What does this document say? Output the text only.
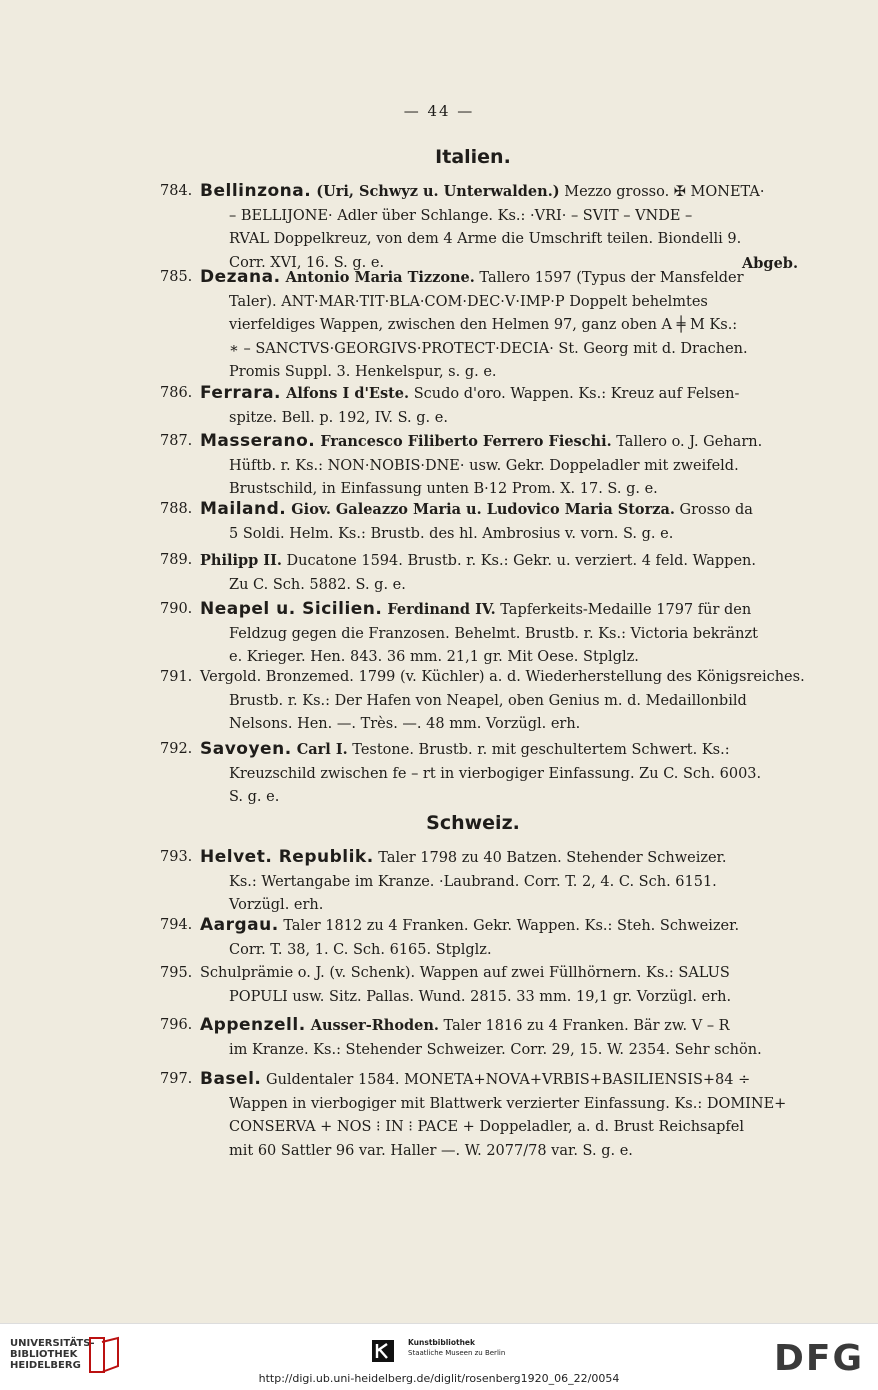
— 44 —
Italien.
Schweiz.
784. Bellinzona. (Uri, Schwyz u. Unterwalden.) Mezzo grosso. ✠ MONETA·
– BELLIJONE· Adler über Schlange. Ks.: ·VRI· – SVIT – VNDE –
RVAL Doppelkreuz, von dem 4 Arme die Umschrift teilen. Biondelli 9.
Corr. XVI, 16. S. g. e.	Abgeb.
785. Dezana. Antonio Maria Tizzone. Tallero 1597 (Typus der Mansfelder
Taler). ANT·MAR·TIT·BLA·COM·DEC·V·IMP·P Doppelt behelmtes
vierfeldiges Wappen, zwischen den Helmen 97, ganz oben A ╪ M Ks.:
∗ – SANCTVS·GEORGIVS·PROTECT·DECIA· St. Georg mit d. Drachen.
Promis Suppl. 3. Henkelspur, s. g. e.
786. Ferrara. Alfons I d'Este. Scudo d'oro. Wappen. Ks.: Kreuz auf Felsen-
spitze. Bell. p. 192, IV. S. g. e.
787. Masserano. Francesco Filiberto Ferrero Fieschi. Tallero o. J. Geharn.
Hüftb. r. Ks.: NON·NOBIS·DNE· usw. Gekr. Doppeladler mit zweifeld.
Brustschild, in Einfassung unten B·12 Prom. X. 17. S. g. e.
788. Mailand. Giov. Galeazzo Maria u. Ludovico Maria Storza. Grosso da
5 Soldi. Helm. Ks.: Brustb. des hl. Ambrosius v. vorn. S. g. e.
789. Philipp II. Ducatone 1594. Brustb. r. Ks.: Gekr. u. verziert. 4 feld. Wappen.
Zu C. Sch. 5882. S. g. e.
790. Neapel u. Sicilien. Ferdinand IV. Tapferkeits-Medaille 1797 für den
Feldzug gegen die Franzosen. Behelmt. Brustb. r. Ks.: Victoria bekränzt
e. Krieger. Hen. 843. 36 mm. 21,1 gr. Mit Oese. Stplglz.
791. Vergold. Bronzemed. 1799 (v. Küchler) a. d. Wiederherstellung des Königsreiches.
Brustb. r. Ks.: Der Hafen von Neapel, oben Genius m. d. Medaillonbild
Nelsons. Hen. —. Très. —. 48 mm. Vorzügl. erh.
792. Savoyen. Carl I. Testone. Brustb. r. mit geschultertem Schwert. Ks.:
Kreuzschild zwischen fe – rt in vierbogiger Einfassung. Zu C. Sch. 6003.
S. g. e.
793. Helvet. Republik. Taler 1798 zu 40 Batzen. Stehender Schweizer.
Ks.: Wertangabe im Kranze. ·Laubrand. Corr. T. 2, 4. C. Sch. 6151.
Vorzügl. erh.
794. Aargau. Taler 1812 zu 4 Franken. Gekr. Wappen. Ks.: Steh. Schweizer.
Corr. T. 38, 1. C. Sch. 6165. Stplglz.
795. Schulprämie o. J. (v. Schenk). Wappen auf zwei Füllhörnern. Ks.: SALUS
POPULI usw. Sitz. Pallas. Wund. 2815. 33 mm. 19,1 gr. Vorzügl. erh.
796. Appenzell. Ausser-Rhoden. Taler 1816 zu 4 Franken. Bär zw. V – R
im Kranze. Ks.: Stehender Schweizer. Corr. 29, 15. W. 2354. Sehr schön.
797. Basel. Guldentaler 1584. MONETA+NOVA+VRBIS+BASILIENSIS+84 ÷
Wappen in vierbogiger mit Blattwerk verzierter Einfassung. Ks.: DOMINE+
CONSERVA + NOS ⁝ IN ⁝ PACE + Doppeladler, a. d. Brust Reichsapfel
mit 60 Sattler 96 var. Haller —. W. 2077/78 var. S. g. e.
UNIVERSITÄTS-
BIBLIOTHEK
HEIDELBERG
Kunstbibliothek
Staatliche Museen zu Berlin	DFG
http://digi.ub.uni-heidelberg.de/diglit/rosenberg1920_06_22/0054
